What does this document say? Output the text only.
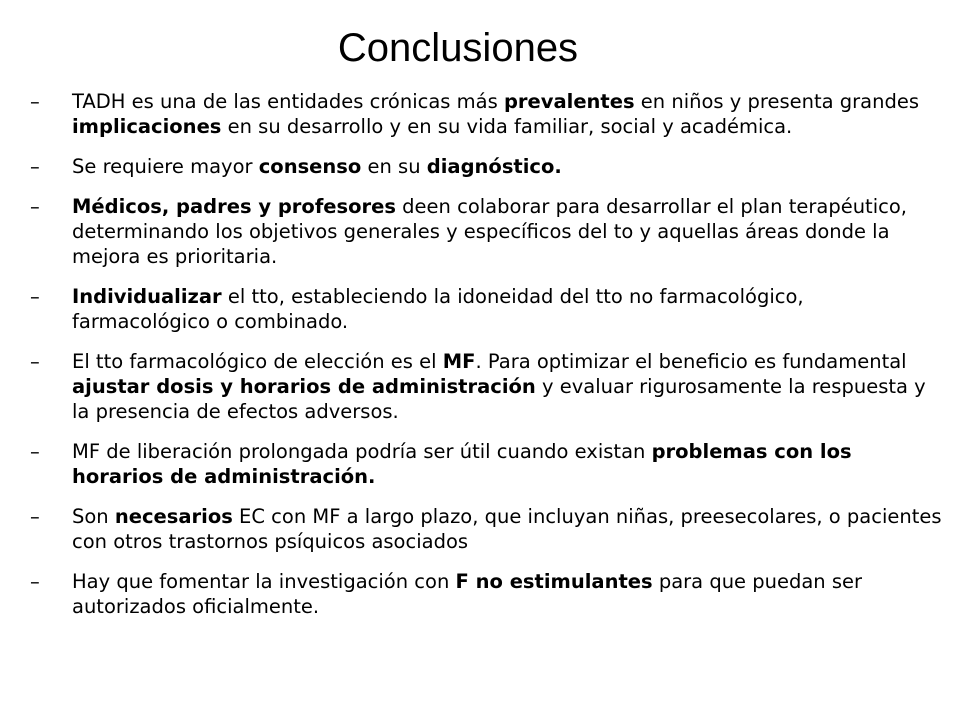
Conclusiones
– TADH es una de las entidades crónicas más prevalentes en niños y presenta grandes implicaciones en su desarrollo y en su vida familiar, social y académica.
– Se requiere mayor consenso en su diagnóstico.
– Médicos, padres y profesores deen colaborar para desarrollar el plan terapéutico, determinando los objetivos generales y específicos del to y aquellas áreas donde la mejora es prioritaria.
– Individualizar el tto, estableciendo la idoneidad del tto no farmacológico, farmacológico o combinado.
– El tto farmacológico de elección es el MF. Para optimizar el beneficio es fundamental ajustar dosis y horarios de administración y evaluar rigurosamente la respuesta y la presencia de efectos adversos.
– MF de liberación prolongada podría ser útil cuando existan problemas con los horarios de administración.
– Son necesarios EC con MF a largo plazo, que incluyan niñas, preesecolares, o pacientes con otros trastornos psíquicos asociados
– Hay que fomentar la investigación con F no estimulantes para que puedan ser autorizados oficialmente.
